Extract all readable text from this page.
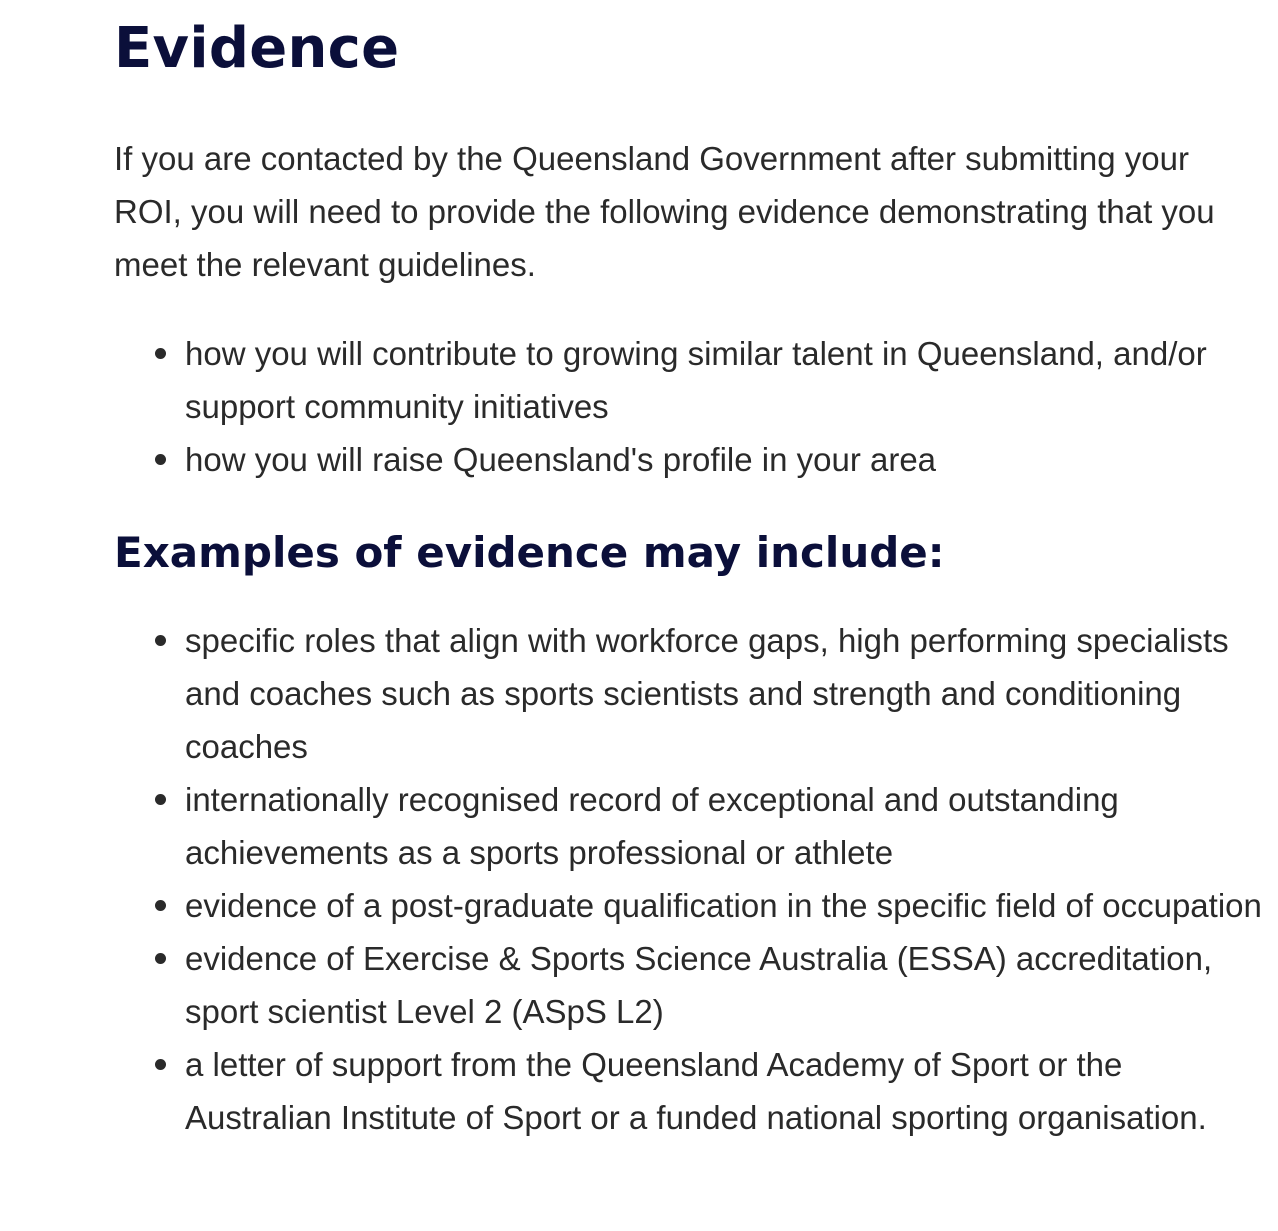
Evidence

If you are contacted by the Queensland Government after submitting your ROI, you will need to provide the following evidence demonstrating that you meet the relevant guidelines.

how you will contribute to growing similar talent in Queensland, and/or support community initiatives
how you will raise Queensland's profile in your area
Examples of evidence may include:
specific roles that align with workforce gaps, high performing specialists and coaches such as sports scientists and strength and conditioning coaches
internationally recognised record of exceptional and outstanding achievements as a sports professional or athlete
evidence of a post-graduate qualification in the specific field of occupation
evidence of Exercise & Sports Science Australia (ESSA) accreditation, sport scientist Level 2 (ASpS L2)
a letter of support from the Queensland Academy of Sport or the Australian Institute of Sport or a funded national sporting organisation.
